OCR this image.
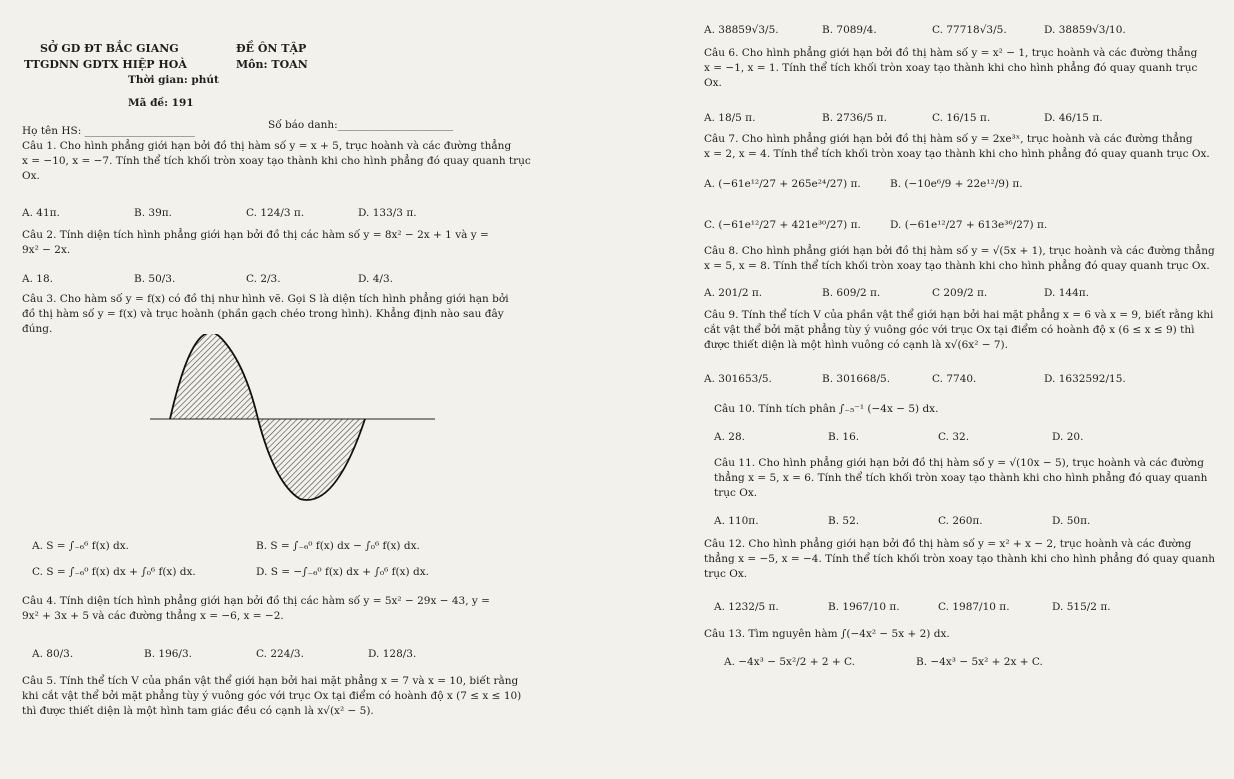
SỞ GD ĐT BẮC GIANG
TTGDNN GDTX HIỆP HOÀ
ĐỀ ÔN TẬP
Môn: TOAN
Thời gian: phút
Mã đề: 191
Họ tên HS: _____________________	Số báo danh:______________________
Câu 1. Cho hình phẳng giới hạn bởi đồ thị hàm số y = x + 5, trục hoành và các đường thẳng
x = −10, x = −7. Tính thể tích khối tròn xoay tạo thành khi cho hình phẳng đó quay quanh trục
Ox.
A. 41π.	B. 39π.	C. 124/3 π.	D. 133/3 π.
Câu 2. Tính diện tích hình phẳng giới hạn bởi đồ thị các hàm số y = 8x² − 2x + 1 và y =
9x² − 2x.
A. 18.	B. 50/3.	C. 2/3.	D. 4/3.
Câu 3. Cho hàm số y = f(x) có đồ thị như hình vẽ. Gọi S là diện tích hình phẳng giới hạn bởi
đồ thị hàm số y = f(x) và trục hoành (phần gạch chéo trong hình). Khẳng định nào sau đây
đúng.
A. S = ∫₋₆⁶ f(x) dx.	B. S = ∫₋₆⁰ f(x) dx − ∫₀⁶ f(x) dx.
C. S = ∫₋₆⁰ f(x) dx + ∫₀⁶ f(x) dx.	D. S = −∫₋₆⁰ f(x) dx + ∫₀⁶ f(x) dx.
Câu 4. Tính diện tích hình phẳng giới hạn bởi đồ thị các hàm số y = 5x² − 29x − 43, y =
9x² + 3x + 5 và các đường thẳng x = −6, x = −2.
A. 80/3.	B. 196/3.	C. 224/3.	D. 128/3.
Câu 5. Tính thể tích V của phần vật thể giới hạn bởi hai mặt phẳng x = 7 và x = 10, biết rằng
khi cắt vật thể bởi mặt phẳng tùy ý vuông góc với trục Ox tại điểm có hoành độ x (7 ≤ x ≤ 10)
thì được thiết diện là một hình tam giác đều có cạnh là x√(x² − 5).
A. 38859√3/5.	B. 7089/4.	C. 77718√3/5.	D. 38859√3/10.
Câu 6. Cho hình phẳng giới hạn bởi đồ thị hàm số y = x² − 1, trục hoành và các đường thẳng
x = −1, x = 1. Tính thể tích khối tròn xoay tạo thành khi cho hình phẳng đó quay quanh trục
Ox.
A. 18/5 π.	B. 2736/5 π.	C. 16/15 π.	D. 46/15 π.
Câu 7. Cho hình phẳng giới hạn bởi đồ thị hàm số y = 2xe³ˣ, trục hoành và các đường thẳng
x = 2, x = 4. Tính thể tích khối tròn xoay tạo thành khi cho hình phẳng đó quay quanh trục Ox.
A. (−61e¹²/27 + 265e²⁴/27) π.	B. (−10e⁶/9 + 22e¹²/9) π.
C. (−61e¹²/27 + 421e³⁰/27) π.	D. (−61e¹²/27 + 613e³⁶/27) π.
Câu 8. Cho hình phẳng giới hạn bởi đồ thị hàm số y = √(5x + 1), trục hoành và các đường thẳng
x = 5, x = 8. Tính thể tích khối tròn xoay tạo thành khi cho hình phẳng đó quay quanh trục Ox.
A. 201/2 π.	B. 609/2 π.	C 209/2 π.	D. 144π.
Câu 9. Tính thể tích V của phần vật thể giới hạn bởi hai mặt phẳng x = 6 và x = 9, biết rằng khi
cắt vật thể bởi mặt phẳng tùy ý vuông góc với trục Ox tại điểm có hoành độ x (6 ≤ x ≤ 9) thì
được thiết diện là một hình vuông có cạnh là x√(6x² − 7).
A. 301653/5.	B. 301668/5.	C. 7740.	D. 1632592/15.
Câu 10. Tính tích phân ∫₋₅⁻¹ (−4x − 5) dx.
A. 28.	B. 16.	C. 32.	D. 20.
Câu 11. Cho hình phẳng giới hạn bởi đồ thị hàm số y = √(10x − 5), trục hoành và các đường
thẳng x = 5, x = 6. Tính thể tích khối tròn xoay tạo thành khi cho hình phẳng đó quay quanh
trục Ox.
A. 110π.	B. 52.	C. 260π.	D. 50π.
Câu 12. Cho hình phẳng giới hạn bởi đồ thị hàm số y = x² + x − 2, trục hoành và các đường
thẳng x = −5, x = −4. Tính thể tích khối tròn xoay tạo thành khi cho hình phẳng đó quay quanh
trục Ox.
A. 1232/5 π.	B. 1967/10 π.	C. 1987/10 π.	D. 515/2 π.
Câu 13. Tìm nguyên hàm ∫(−4x² − 5x + 2) dx.
A. −4x³ − 5x²/2 + 2 + C.	B. −4x³ − 5x² + 2x + C.
